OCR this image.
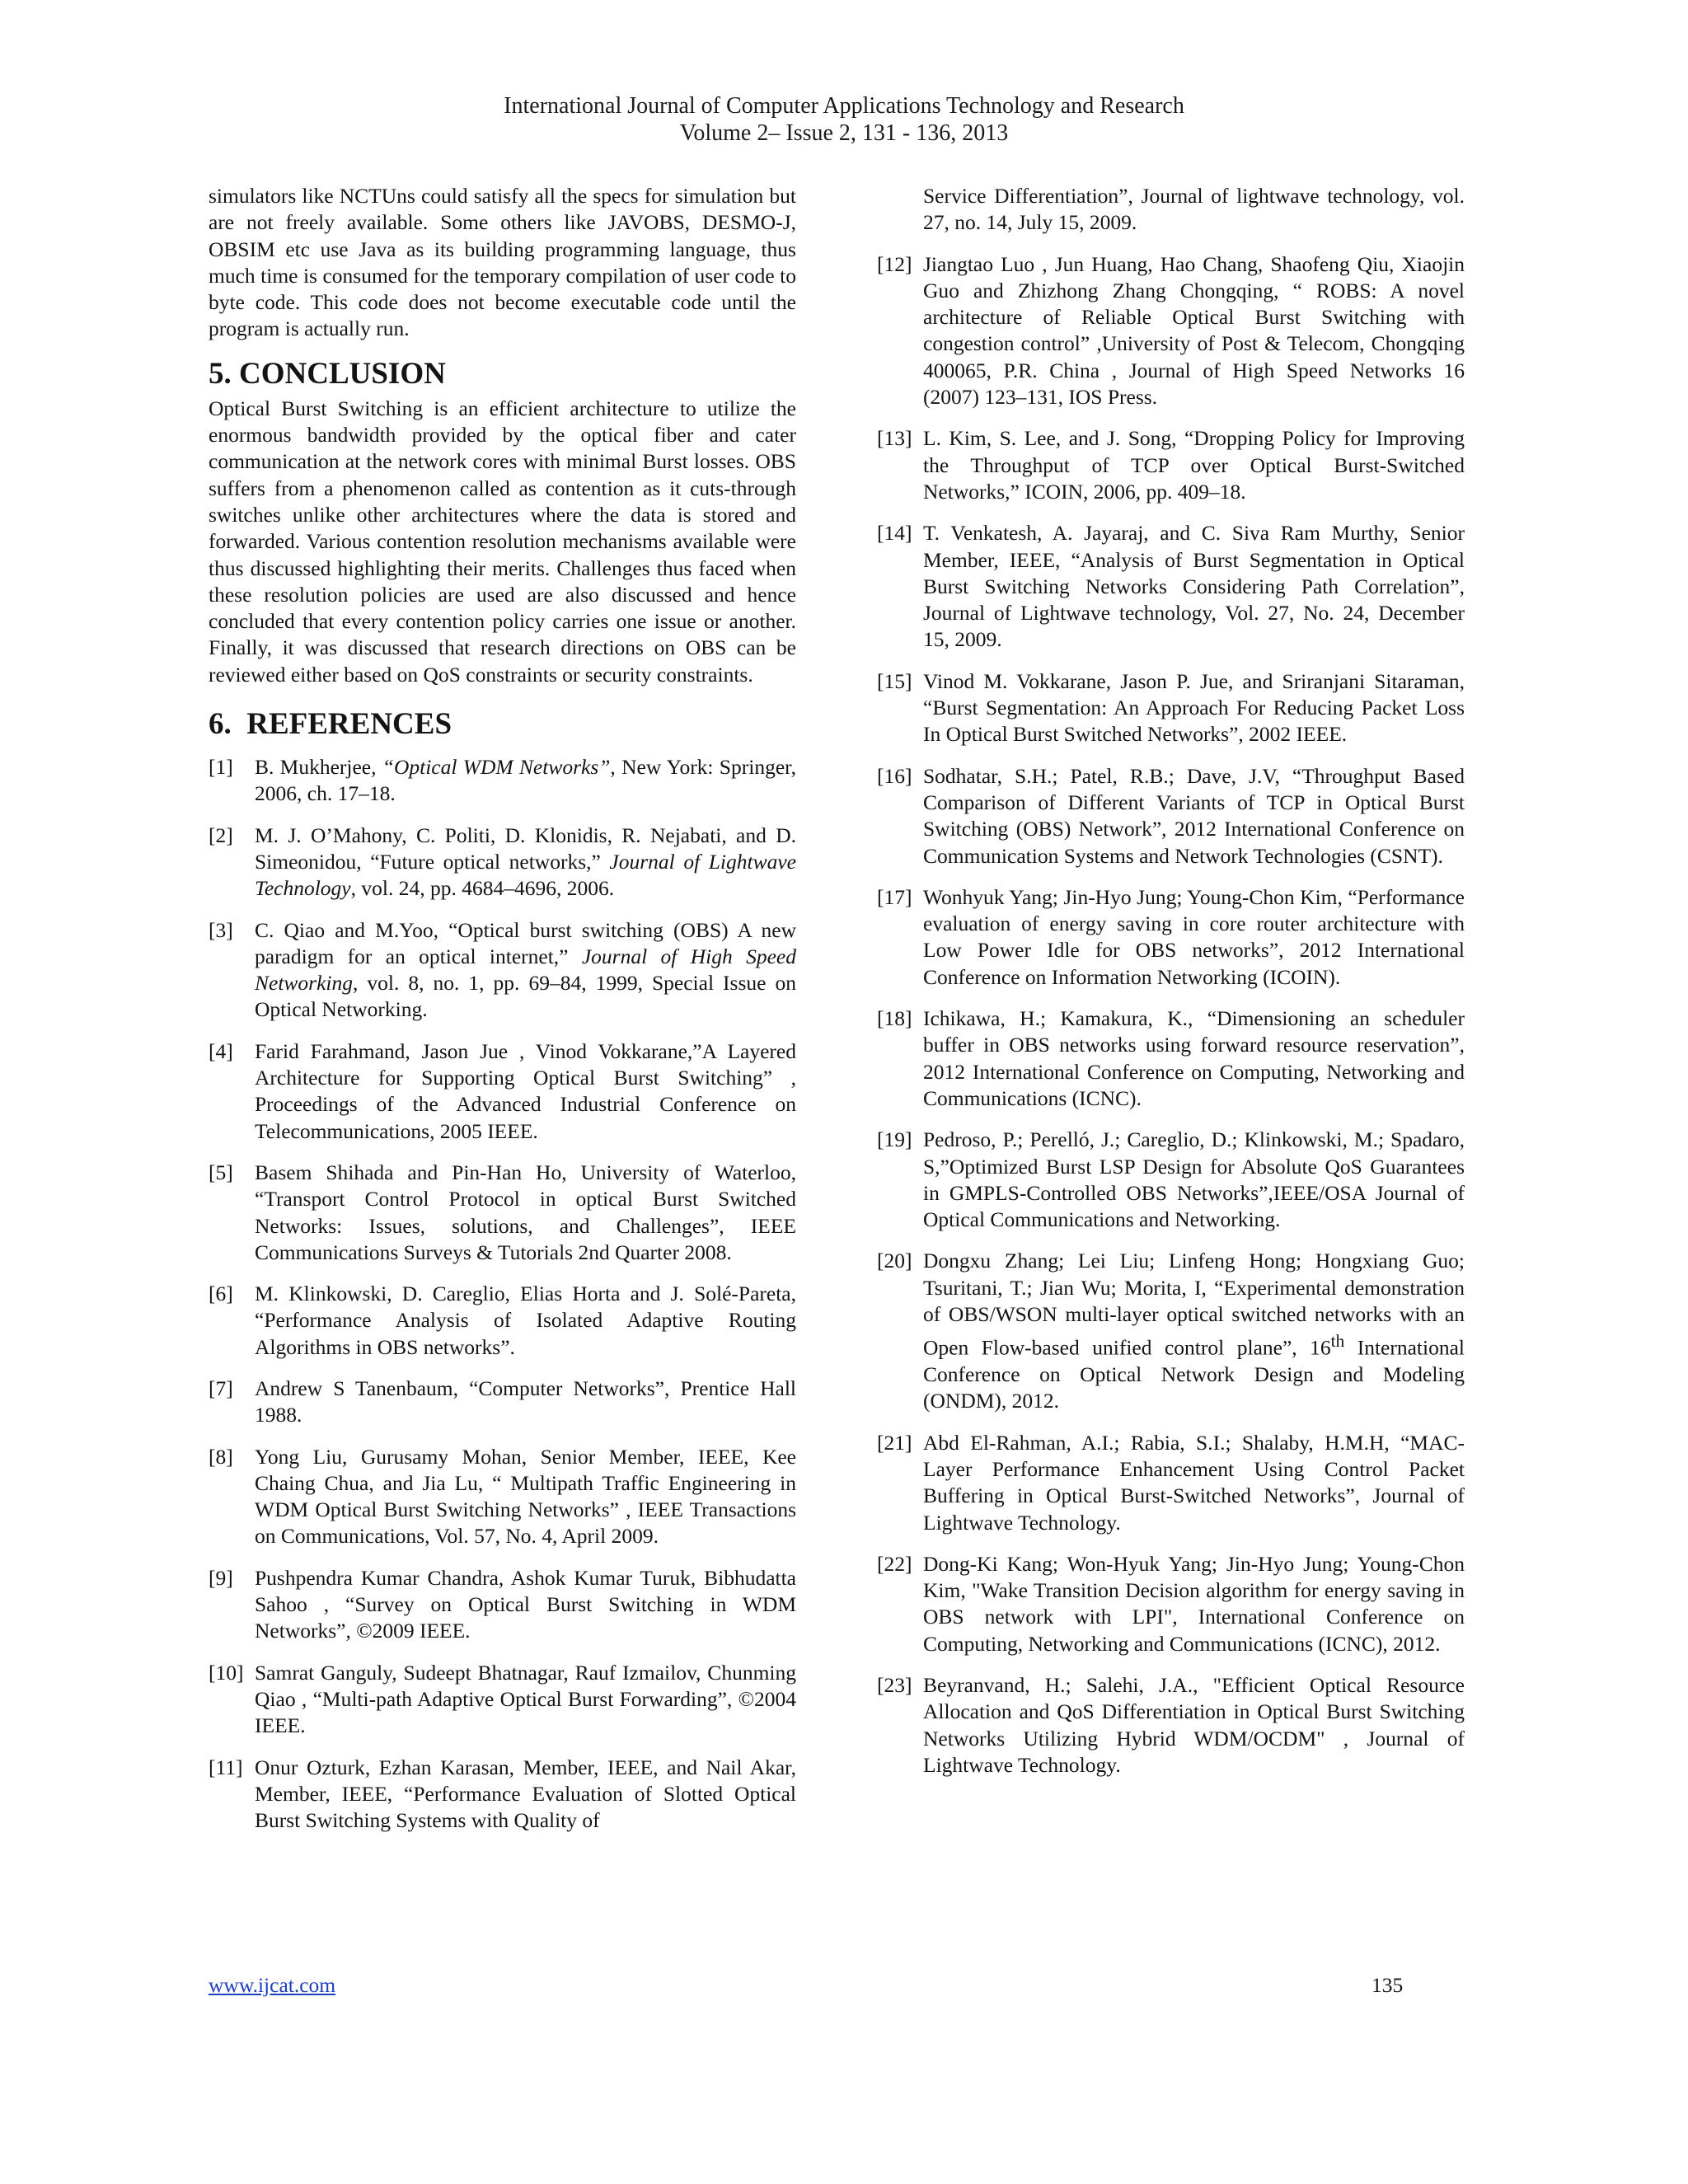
International Journal of Computer Applications Technology and Research
Volume 2– Issue 2, 131 - 136, 2013

simulators like NCTUns could satisfy all the specs for simulation but are not freely available. Some others like JAVOBS, DESMO-J, OBSIM etc use Java as its building programming language, thus much time is consumed for the temporary compilation of user code to byte code. This code does not become executable code until the program is actually run.

5. CONCLUSION

Optical Burst Switching is an efficient architecture to utilize the enormous bandwidth provided by the optical fiber and cater communication at the network cores with minimal Burst losses. OBS suffers from a phenomenon called as contention as it cuts-through switches unlike other architectures where the data is stored and forwarded. Various contention resolution mechanisms available were thus discussed highlighting their merits. Challenges thus faced when these resolution policies are used are also discussed and hence concluded that every contention policy carries one issue or another. Finally, it was discussed that research directions on OBS can be reviewed either based on QoS constraints or security constraints.

6.  REFERENCES
[1] B. Mukherjee, “Optical WDM Networks”, New York: Springer, 2006, ch. 17–18.
[2] M. J. O’Mahony, C. Politi, D. Klonidis, R. Nejabati, and D. Simeonidou, “Future optical networks,” Journal of Lightwave Technology, vol. 24, pp. 4684–4696, 2006.
[3] C. Qiao and M.Yoo, “Optical burst switching (OBS) A new paradigm for an optical internet,” Journal of High Speed Networking, vol. 8, no. 1, pp. 69–84, 1999, Special Issue on Optical Networking.
[4] Farid Farahmand, Jason Jue , Vinod Vokkarane,”A Layered Architecture for Supporting Optical Burst Switching” , Proceedings of the Advanced Industrial Conference on Telecommunications, 2005 IEEE.
[5] Basem Shihada and Pin-Han Ho, University of Waterloo, “Transport Control Protocol in optical Burst Switched Networks: Issues, solutions, and Challenges”, IEEE Communications Surveys & Tutorials 2nd Quarter 2008.
[6] M. Klinkowski, D. Careglio, Elias Horta and J. Solé-Pareta, “Performance Analysis of Isolated Adaptive Routing Algorithms in OBS networks”.
[7] Andrew S Tanenbaum, “Computer Networks”, Prentice Hall 1988.
[8] Yong Liu, Gurusamy Mohan, Senior Member, IEEE, Kee Chaing Chua, and Jia Lu, “ Multipath Traffic Engineering in WDM Optical Burst Switching Networks” , IEEE Transactions on Communications, Vol. 57, No. 4, April 2009.
[9] Pushpendra Kumar Chandra, Ashok Kumar Turuk, Bibhudatta Sahoo , “Survey on Optical Burst Switching in WDM Networks”, ©2009 IEEE.
[10] Samrat Ganguly, Sudeept Bhatnagar, Rauf Izmailov, Chunming Qiao , “Multi-path Adaptive Optical Burst Forwarding”, ©2004 IEEE.
[11] Onur Ozturk, Ezhan Karasan, Member, IEEE, and Nail Akar, Member, IEEE, “Performance Evaluation of Slotted Optical Burst Switching Systems with Quality of
Service Differentiation”, Journal of lightwave technology, vol. 27, no. 14, July 15, 2009.
[12] Jiangtao Luo , Jun Huang, Hao Chang, Shaofeng Qiu, Xiaojin Guo and Zhizhong Zhang Chongqing, “ ROBS: A novel architecture of Reliable Optical Burst Switching with congestion control” ,University of Post & Telecom, Chongqing 400065, P.R. China , Journal of High Speed Networks 16 (2007) 123–131, IOS Press.
[13] L. Kim, S. Lee, and J. Song, “Dropping Policy for Improving the Throughput of TCP over Optical Burst-Switched Networks,” ICOIN, 2006, pp. 409–18.
[14] T. Venkatesh, A. Jayaraj, and C. Siva Ram Murthy, Senior Member, IEEE, “Analysis of Burst Segmentation in Optical Burst Switching Networks Considering Path Correlation”, Journal of Lightwave technology, Vol. 27, No. 24, December 15, 2009.
[15] Vinod M. Vokkarane, Jason P. Jue, and Sriranjani Sitaraman, “Burst Segmentation: An Approach For Reducing Packet Loss In Optical Burst Switched Networks”, 2002 IEEE.
[16] Sodhatar, S.H.; Patel, R.B.; Dave, J.V, “Throughput Based Comparison of Different Variants of TCP in Optical Burst Switching (OBS) Network”, 2012 International Conference on Communication Systems and Network Technologies (CSNT).
[17] Wonhyuk Yang; Jin-Hyo Jung; Young-Chon Kim, “Performance evaluation of energy saving in core router architecture with Low Power Idle for OBS networks”, 2012 International Conference on Information Networking (ICOIN).
[18] Ichikawa, H.; Kamakura, K., “Dimensioning an scheduler buffer in OBS networks using forward resource reservation”, 2012 International Conference on Computing, Networking and Communications (ICNC).
[19] Pedroso, P.; Perelló, J.; Careglio, D.; Klinkowski, M.; Spadaro, S,”Optimized Burst LSP Design for Absolute QoS Guarantees in GMPLS-Controlled OBS Networks”,IEEE/OSA Journal of Optical Communications and Networking.
[20] Dongxu Zhang; Lei Liu; Linfeng Hong; Hongxiang Guo; Tsuritani, T.; Jian Wu; Morita, I, “Experimental demonstration of OBS/WSON multi-layer optical switched networks with an Open Flow-based unified control plane”, 16th International Conference on Optical Network Design and Modeling (ONDM), 2012.
[21] Abd El-Rahman, A.I.; Rabia, S.I.; Shalaby, H.M.H, “MAC-Layer Performance Enhancement Using Control Packet Buffering in Optical Burst-Switched Networks”, Journal of Lightwave Technology.
[22] Dong-Ki Kang; Won-Hyuk Yang; Jin-Hyo Jung; Young-Chon Kim, "Wake Transition Decision algorithm for energy saving in OBS network with LPI", International Conference on Computing, Networking and Communications (ICNC), 2012.
[23] Beyranvand, H.; Salehi, J.A., "Efficient Optical Resource Allocation and QoS Differentiation in Optical Burst Switching Networks Utilizing Hybrid WDM/OCDM" , Journal of Lightwave Technology.
www.ijcat.com	135
